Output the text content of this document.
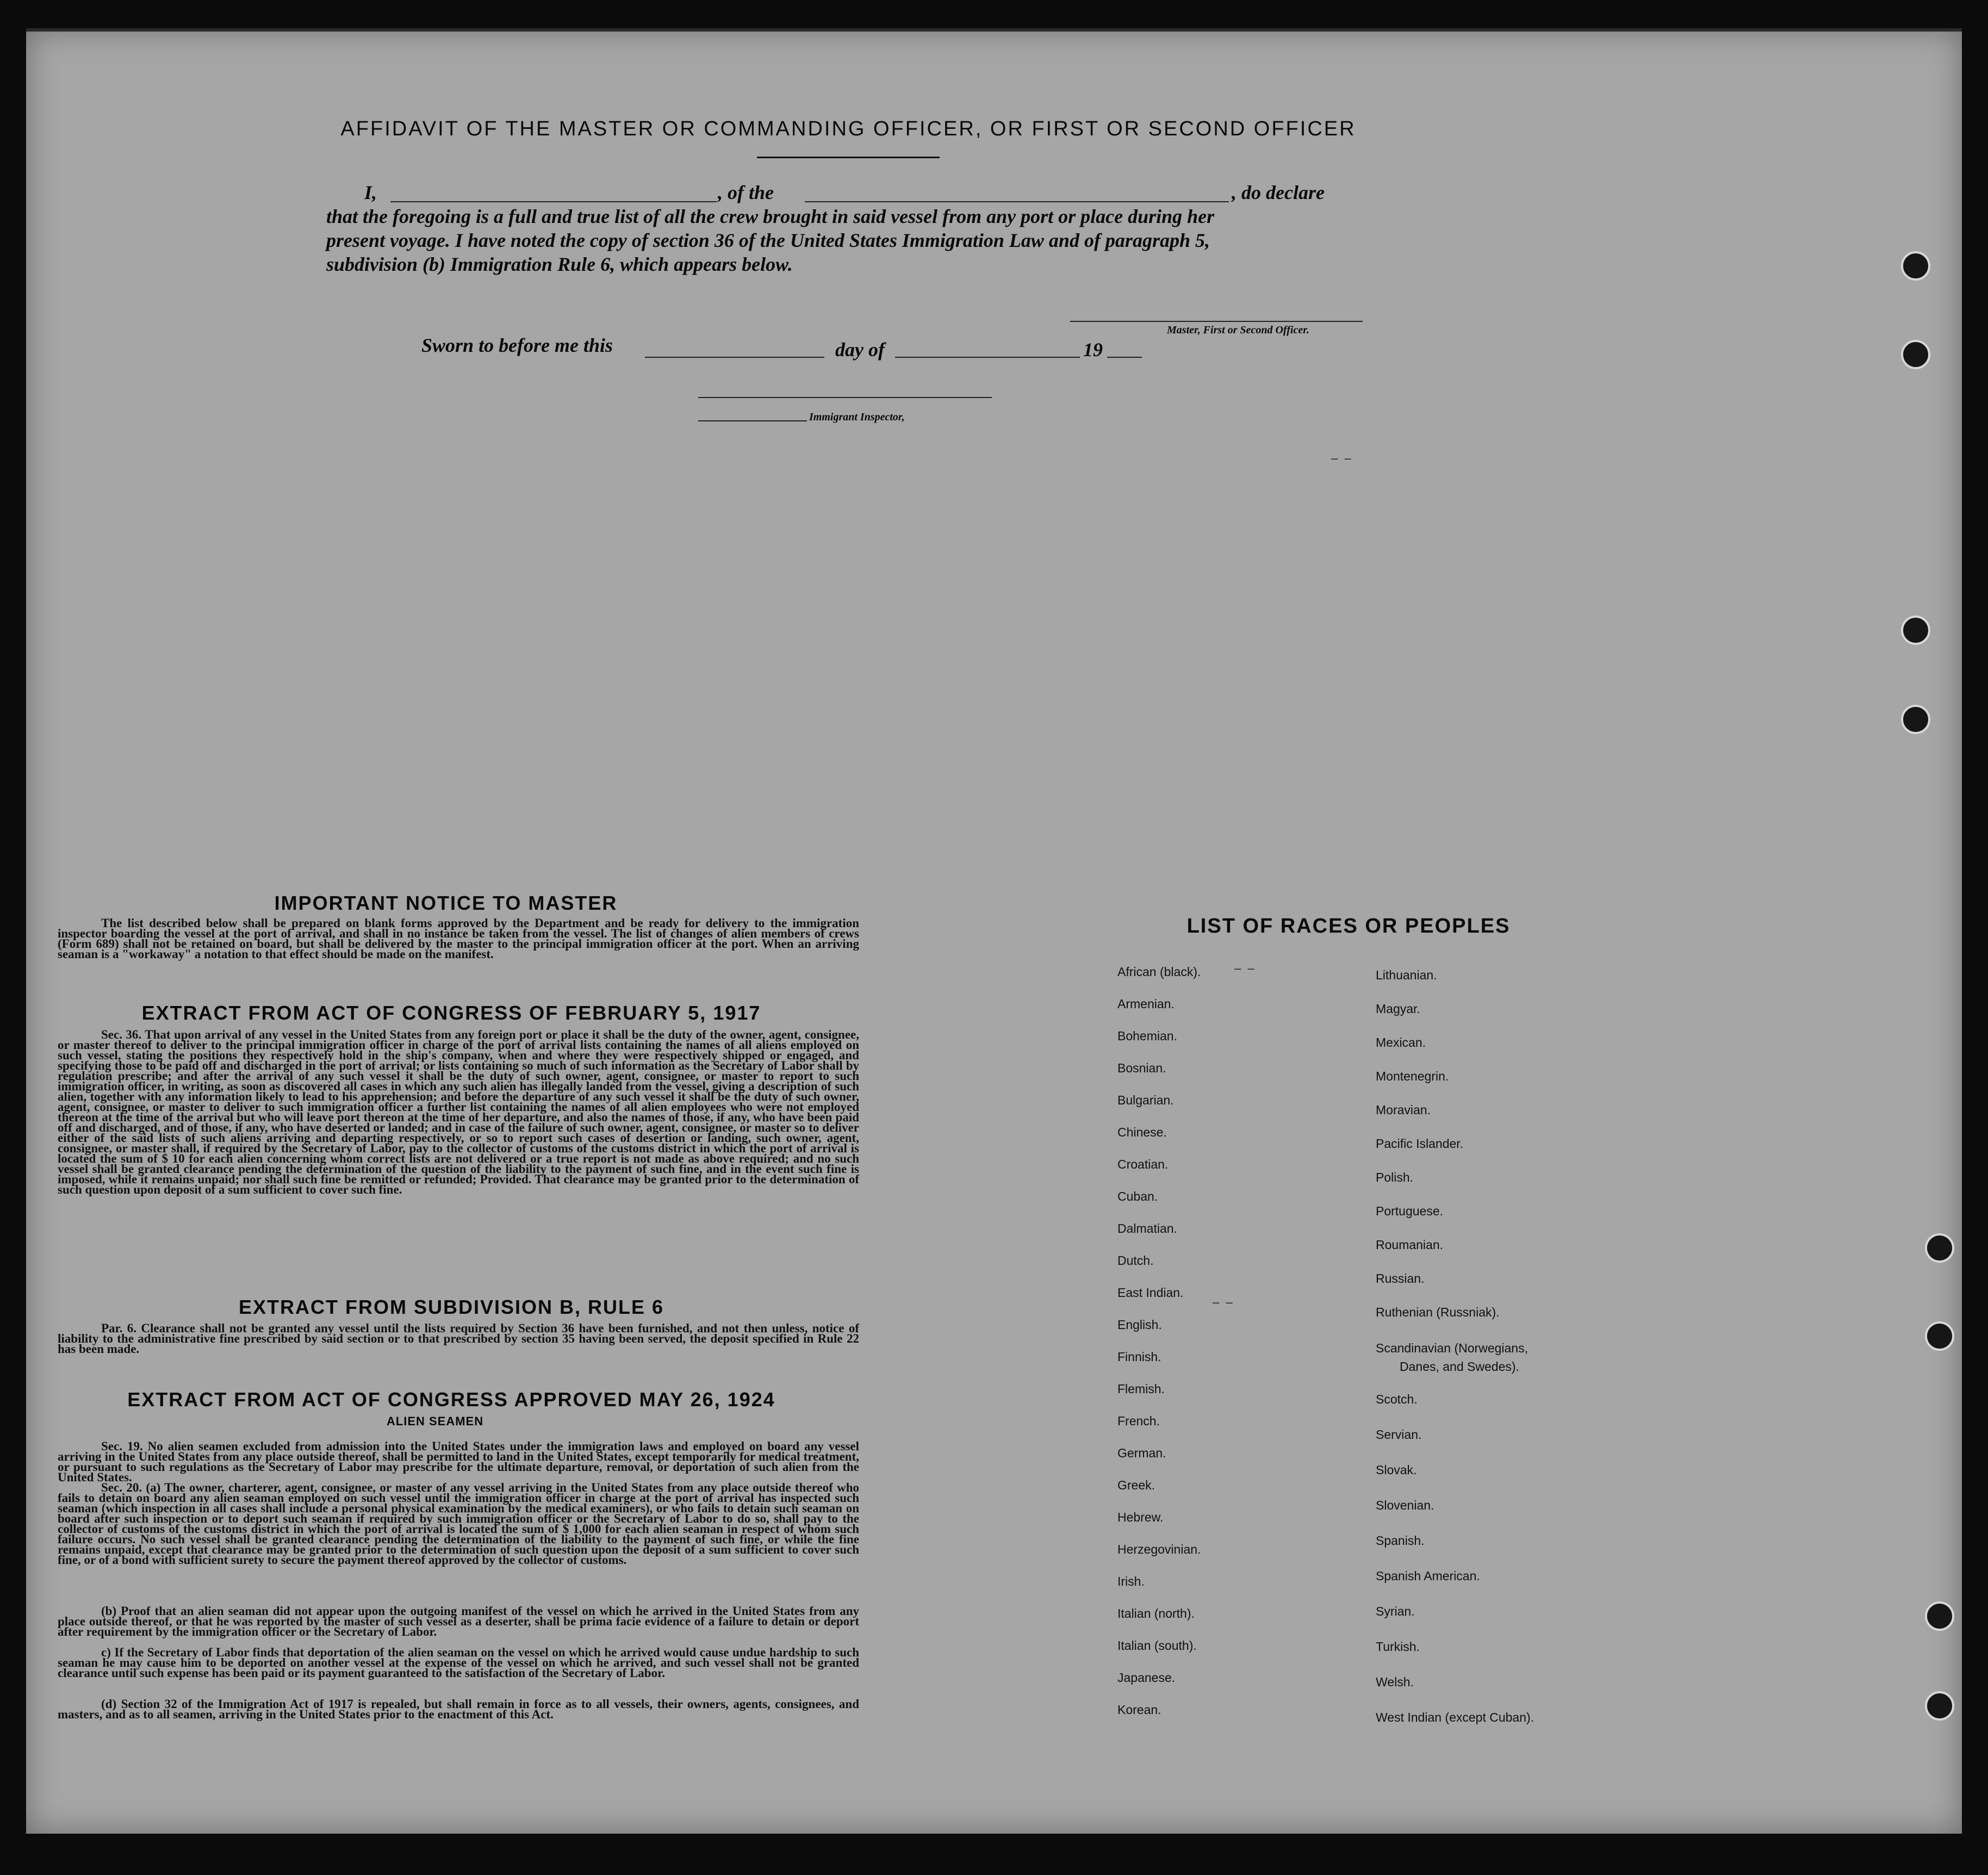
AFFIDAVIT OF THE MASTER OR COMMANDING OFFICER, OR FIRST OR SECOND OFFICER
I,	, of the	, do declare
that the foregoing is a full and true list of all the crew brought in said vessel from any port or place during her
present voyage. I have noted the copy of section 36 of the United States Immigration Law and of paragraph 5,
subdivision (b) Immigration Rule 6, which appears below.
Master, First or Second Officer.
Sworn to before me this	day of	19
Immigrant Inspector,
IMPORTANT NOTICE TO MASTER
The list described below shall be prepared on blank forms approved by the Department and be ready for delivery to the immigration inspector boarding the vessel at the port of arrival, and shall in no instance be taken from the vessel. The list of changes of alien members of crews (Form 689) shall not be retained on board, but shall be delivered by the master to the principal immigration officer at the port. When an arriving seaman is a "workaway" a notation to that effect should be made on the manifest.
EXTRACT FROM ACT OF CONGRESS OF FEBRUARY 5, 1917
Sec. 36. That upon arrival of any vessel in the United States from any foreign port or place it shall be the duty of the owner, agent, consignee, or master thereof to deliver to the principal immigration officer in charge of the port of arrival lists containing the names of all aliens employed on such vessel, stating the positions they respectively hold in the ship's company, when and where they were respectively shipped or engaged, and specifying those to be paid off and discharged in the port of arrival; or lists containing so much of such information as the Secretary of Labor shall by regulation prescribe; and after the arrival of any such vessel it shall be the duty of such owner, agent, consignee, or master to report to such immigration officer, in writing, as soon as discovered all cases in which any such alien has illegally landed from the vessel, giving a description of such alien, together with any information likely to lead to his apprehension; and before the departure of any such vessel it shall be the duty of such owner, agent, consignee, or master to deliver to such immigration officer a further list containing the names of all alien employees who were not employed thereon at the time of the arrival but who will leave port thereon at the time of her departure, and also the names of those, if any, who have been paid off and discharged, and of those, if any, who have deserted or landed; and in case of the failure of such owner, agent, consignee, or master so to deliver either of the said lists of such aliens arriving and departing respectively, or so to report such cases of desertion or landing, such owner, agent, consignee, or master shall, if required by the Secretary of Labor, pay to the collector of customs of the customs district in which the port of arrival is located the sum of $ 10 for each alien concerning whom correct lists are not delivered or a true report is not made as above required; and no such vessel shall be granted clearance pending the determination of the question of the liability to the payment of such fine, and in the event such fine is imposed, while it remains unpaid; nor shall such fine be remitted or refunded; Provided. That clearance may be granted prior to the determination of such question upon deposit of a sum sufficient to cover such fine.
EXTRACT FROM SUBDIVISION B, RULE 6
Par. 6. Clearance shall not be granted any vessel until the lists required by Section 36 have been furnished, and not then unless, notice of liability to the administrative fine prescribed by said section or to that prescribed by section 35 having been served, the deposit specified in Rule 22 has been made.
EXTRACT FROM ACT OF CONGRESS APPROVED MAY 26, 1924
ALIEN SEAMEN
Sec. 19. No alien seamen excluded from admission into the United States under the immigration laws and employed on board any vessel arriving in the United States from any place outside thereof, shall be permitted to land in the United States, except temporarily for medical treatment, or pursuant to such regulations as the Secretary of Labor may prescribe for the ultimate departure, removal, or deportation of such alien from the United States.
Sec. 20. (a) The owner, charterer, agent, consignee, or master of any vessel arriving in the United States from any place outside thereof who fails to detain on board any alien seaman employed on such vessel until the immigration officer in charge at the port of arrival has inspected such seaman (which inspection in all cases shall include a personal physical examination by the medical examiners), or who fails to detain such seaman on board after such inspection or to deport such seaman if required by such immigration officer or the Secretary of Labor to do so, shall pay to the collector of customs of the customs district in which the port of arrival is located the sum of $ 1,000 for each alien seaman in respect of whom such failure occurs. No such vessel shall be granted clearance pending the determination of the liability to the payment of such fine, or while the fine remains unpaid, except that clearance may be granted prior to the determination of such question upon the deposit of a sum sufficient to cover such fine, or of a bond with sufficient surety to secure the payment thereof approved by the collector of customs.
(b) Proof that an alien seaman did not appear upon the outgoing manifest of the vessel on which he arrived in the United States from any place outside thereof, or that he was reported by the master of such vessel as a deserter, shall be prima facie evidence of a failure to detain or deport after requirement by the immigration officer or the Secretary of Labor.
c) If the Secretary of Labor finds that deportation of the alien seaman on the vessel on which he arrived would cause undue hardship to such seaman he may cause him to be deported on another vessel at the expense of the vessel on which he arrived, and such vessel shall not be granted clearance until such expense has been paid or its payment guaranteed to the satisfaction of the Secretary of Labor.
(d) Section 32 of the Immigration Act of 1917 is repealed, but shall remain in force as to all vessels, their owners, agents, consignees, and masters, and as to all seamen, arriving in the United States prior to the enactment of this Act.
LIST OF RACES OR PEOPLES
African (black).
Armenian.
Bohemian.
Bosnian.
Bulgarian.
Chinese.
Croatian.
Cuban.
Dalmatian.
Dutch.
East Indian.
English.
Finnish.
Flemish.
French.
German.
Greek.
Hebrew.
Herzegovinian.
Irish.
Italian (north).
Italian (south).
Japanese.
Korean.
Lithuanian.
Magyar.
Mexican.
Montenegrin.
Moravian.
Pacific Islander.
Polish.
Portuguese.
Roumanian.
Russian.
Ruthenian (Russniak).
Scandinavian (Norwegians,
Danes, and Swedes).
Scotch.
Servian.
Slovak.
Slovenian.
Spanish.
Spanish American.
Syrian.
Turkish.
Welsh.
West Indian (except Cuban).
–  –
–  –
–  –
